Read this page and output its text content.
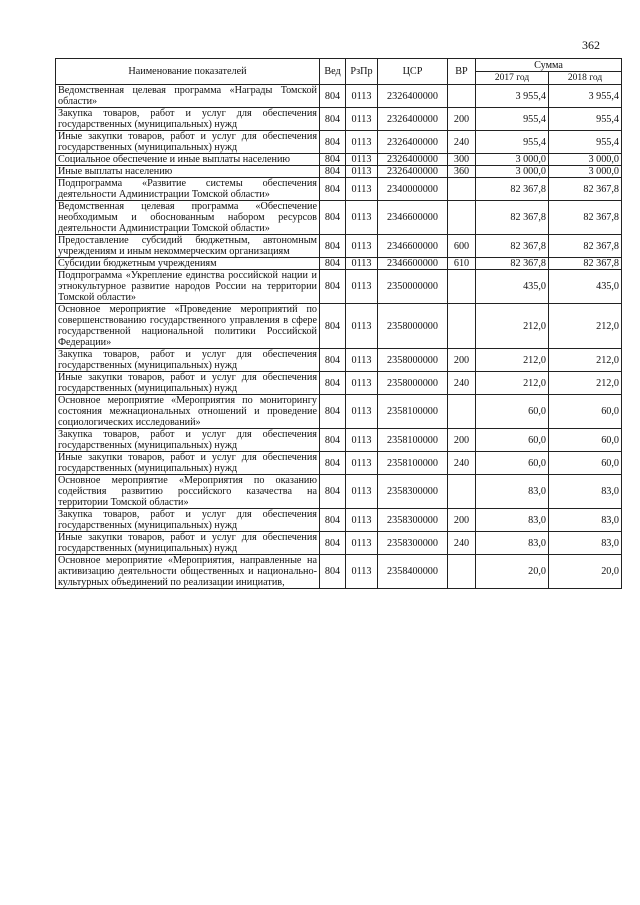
362
Наименование показателей	Вед	РзПр	ЦСР	ВР	Сумма	
					2017 год	2018 год
Ведомственная целевая программа «Награды Томской области»	804	0113	2326400000		3 955,4	3 955,4
Закупка товаров, работ и услуг для обеспечения государственных (муниципальных) нужд	804	0113	2326400000	200	955,4	955,4
Иные закупки товаров, работ и услуг для обеспечения государственных (муниципальных) нужд	804	0113	2326400000	240	955,4	955,4
Социальное обеспечение и иные выплаты населению	804	0113	2326400000	300	3 000,0	3 000,0
Иные выплаты населению	804	0113	2326400000	360	3 000,0	3 000,0
Подпрограмма «Развитие системы обеспечения деятельности Администрации Томской области»	804	0113	2340000000		82 367,8	82 367,8
Ведомственная целевая программа «Обеспечение необходимым и обоснованным набором ресурсов деятельности Администрации Томской области»	804	0113	2346600000		82 367,8	82 367,8
Предоставление субсидий бюджетным, автономным учреждениям и иным некоммерческим организациям	804	0113	2346600000	600	82 367,8	82 367,8
Субсидии бюджетным учреждениям	804	0113	2346600000	610	82 367,8	82 367,8
Подпрограмма «Укрепление единства российской нации и этнокультурное развитие народов России на территории Томской области»	804	0113	2350000000		435,0	435,0
Основное мероприятие «Проведение мероприятий по совершенствованию государственного управления в сфере государственной национальной политики Российской Федерации»	804	0113	2358000000		212,0	212,0
Закупка товаров, работ и услуг для обеспечения государственных (муниципальных) нужд	804	0113	2358000000	200	212,0	212,0
Иные закупки товаров, работ и услуг для обеспечения государственных (муниципальных) нужд	804	0113	2358000000	240	212,0	212,0
Основное мероприятие «Мероприятия по мониторингу состояния межнациональных отношений и проведение социологических исследований»	804	0113	2358100000		60,0	60,0
Закупка товаров, работ и услуг для обеспечения государственных (муниципальных) нужд	804	0113	2358100000	200	60,0	60,0
Иные закупки товаров, работ и услуг для обеспечения государственных (муниципальных) нужд	804	0113	2358100000	240	60,0	60,0
Основное мероприятие «Мероприятия по оказанию содействия развитию российского казачества на территории Томской области»	804	0113	2358300000		83,0	83,0
Закупка товаров, работ и услуг для обеспечения государственных (муниципальных) нужд	804	0113	2358300000	200	83,0	83,0
Иные закупки товаров, работ и услуг для обеспечения государственных (муниципальных) нужд	804	0113	2358300000	240	83,0	83,0
Основное мероприятие «Мероприятия, направленные на активизацию деятельности общественных и национально-культурных объединений по реализации инициатив,	804	0113	2358400000		20,0	20,0
